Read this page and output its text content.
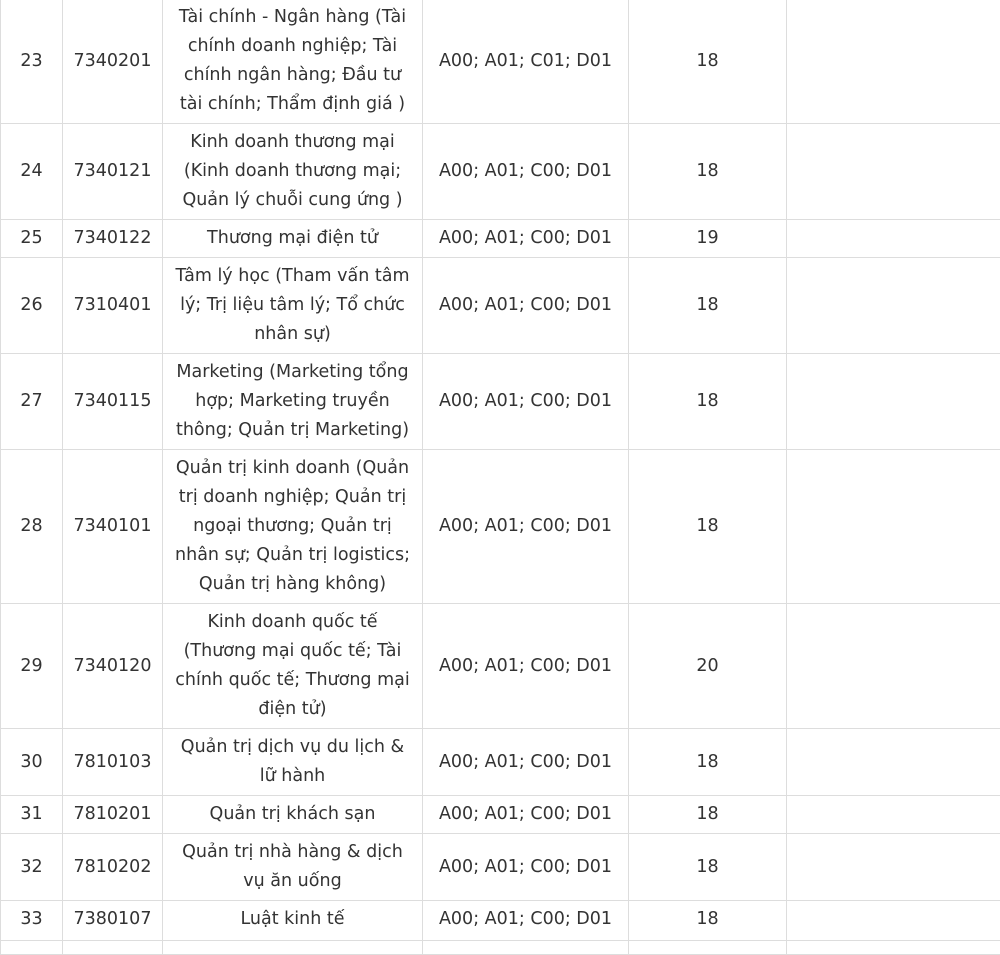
23	7340201	Tài chính - Ngân hàng (Tài chính doanh nghiệp; Tài chính ngân hàng; Đầu tư tài chính; Thẩm định giá )	A00; A01; C01; D01	18	
24	7340121	Kinh doanh thương mại (Kinh doanh thương mại; Quản lý chuỗi cung ứng )	A00; A01; C00; D01	18	
25	7340122	Thương mại điện tử	A00; A01; C00; D01	19	
26	7310401	Tâm lý học (Tham vấn tâm lý; Trị liệu tâm lý; Tổ chức nhân sự)	A00; A01; C00; D01	18	
27	7340115	Marketing (Marketing tổng hợp; Marketing truyền thông; Quản trị Marketing)	A00; A01; C00; D01	18	
28	7340101	Quản trị kinh doanh (Quản trị doanh nghiệp; Quản trị ngoại thương; Quản trị nhân sự; Quản trị logistics; Quản trị hàng không)	A00; A01; C00; D01	18	
29	7340120	Kinh doanh quốc tế (Thương mại quốc tế; Tài chính quốc tế; Thương mại điện tử)	A00; A01; C00; D01	20	
30	7810103	Quản trị dịch vụ du lịch & lữ hành	A00; A01; C00; D01	18	
31	7810201	Quản trị khách sạn	A00; A01; C00; D01	18	
32	7810202	Quản trị nhà hàng & dịch vụ ăn uống	A00; A01; C00; D01	18	
33	7380107	Luật kinh tế	A00; A01; C00; D01	18	
